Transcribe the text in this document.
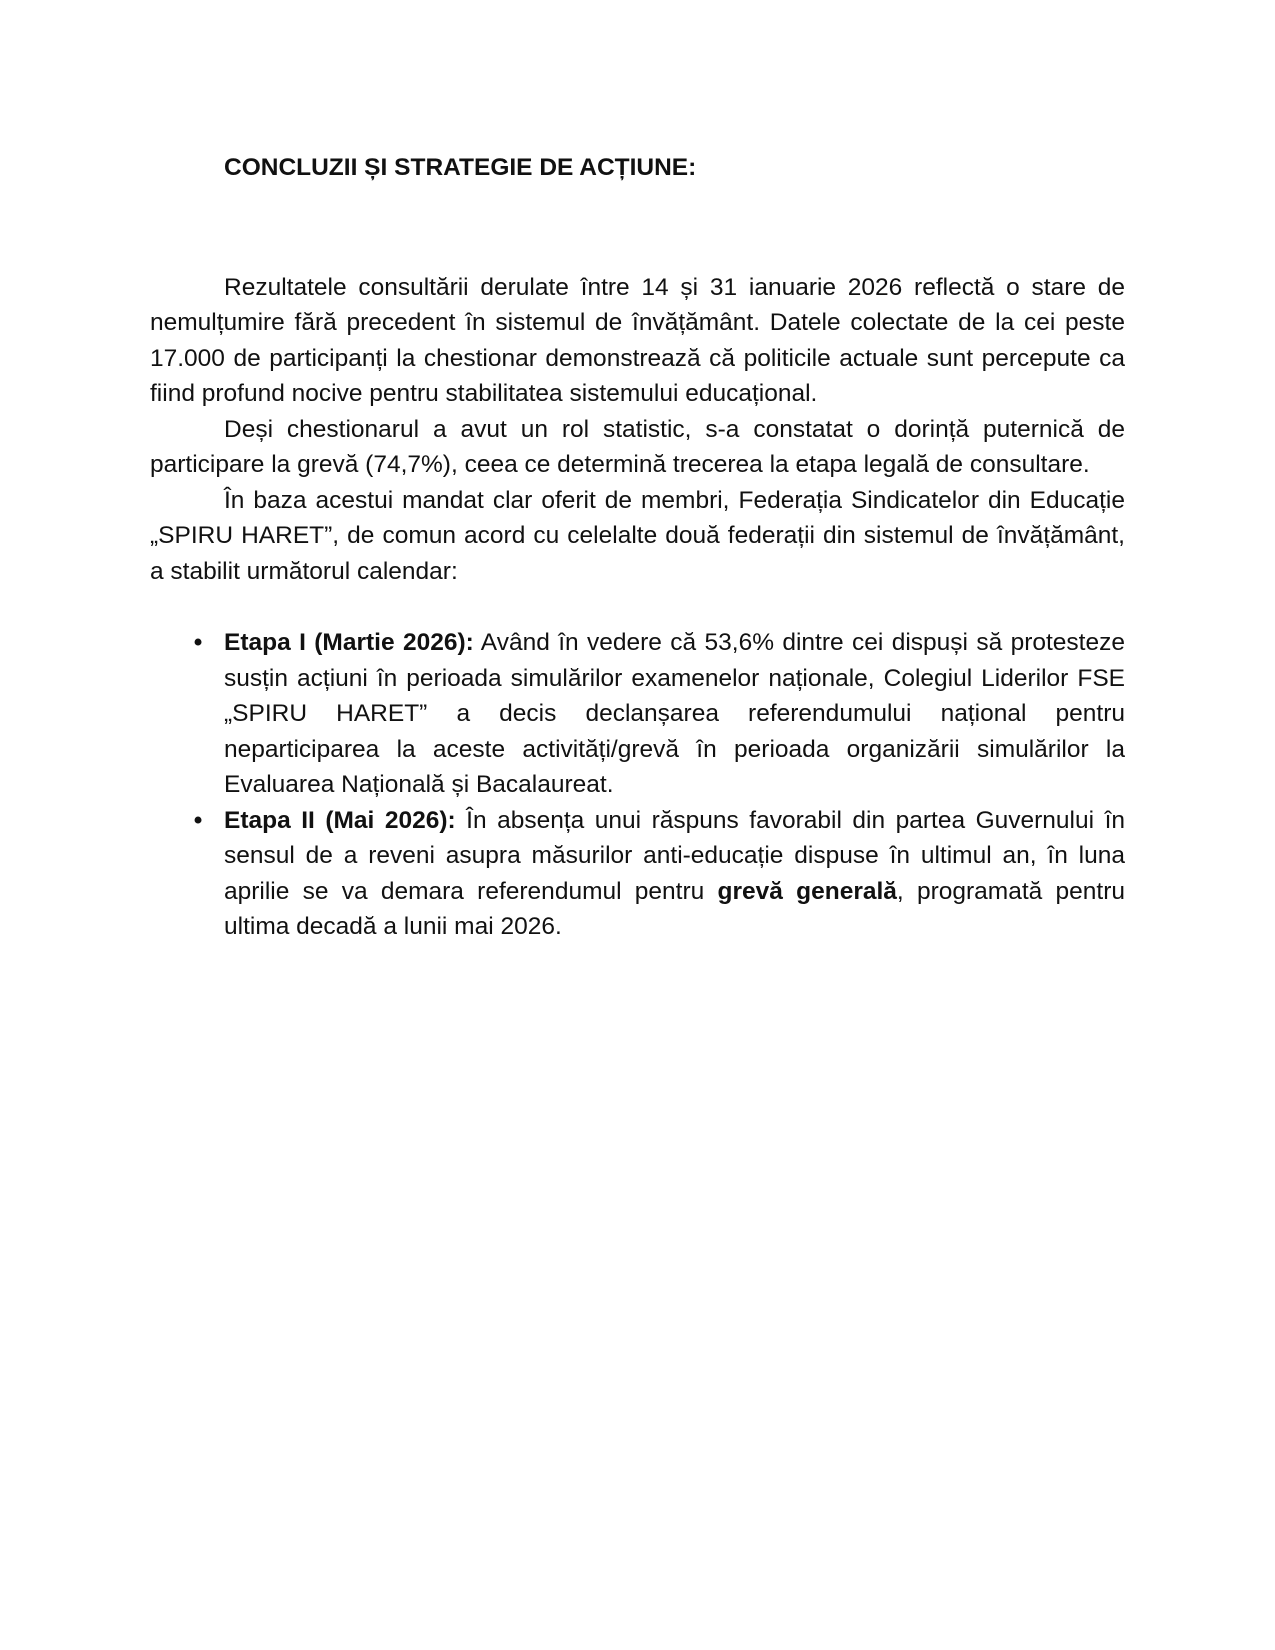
CONCLUZII ȘI STRATEGIE DE ACȚIUNE:

Rezultatele consultării derulate între 14 și 31 ianuarie 2026 reflectă o stare de nemulțumire fără precedent în sistemul de învățământ. Datele colectate de la cei peste 17.000 de participanți la chestionar demonstrează că politicile actuale sunt percepute ca fiind profund nocive pentru stabilitatea sistemului educațional.

Deși chestionarul a avut un rol statistic, s-a constatat o dorință puternică de participare la grevă (74,7%), ceea ce determină trecerea la etapa legală de consultare.

În baza acestui mandat clar oferit de membri, Federația Sindicatelor din Educație „SPIRU HARET”, de comun acord cu celelalte două federații din sistemul de învățământ, a stabilit următorul calendar:

• Etapa I (Martie 2026): Având în vedere că 53,6% dintre cei dispuși să protesteze susțin acțiuni în perioada simulărilor examenelor naționale, Colegiul Liderilor FSE „SPIRU HARET” a decis declanșarea referendumului național pentru neparticiparea la aceste activități/grevă în perioada organizării simulărilor la Evaluarea Națională și Bacalaureat.
• Etapa II (Mai 2026): În absența unui răspuns favorabil din partea Guvernului în sensul de a reveni asupra măsurilor anti-educație dispuse în ultimul an, în luna aprilie se va demara referendumul pentru grevă generală, programată pentru ultima decadă a lunii mai 2026.
